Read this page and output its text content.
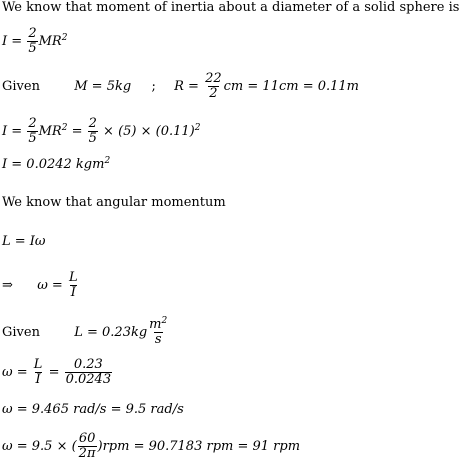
We know that moment of inertia about a diameter of a solid sphere is
$I = \frac{2}{5} MR^2$
Given	M = 5kg ; $R = \frac{22}{2}$ cm = 11cm = 0.11m
$I = \frac{2}{5} MR^2 = \frac{2}{5} \times (5) \times (0.11)^2$
I = 0.0242 kgm$^2$
We know that angular momentum
L = Iω
⇒ $\omega = \frac{L}{I}$
Given	$L = 0.23kg \frac{m^2}{s}$
$\omega = \frac{L}{I} = \frac{0.23}{0.0243}$
ω = 9.465 rad/s = 9.5 rad/s
ω = 9.5 × ( $\frac{60}{2\pi} )rpm = 90.7183$ rpm = 91 rpm
